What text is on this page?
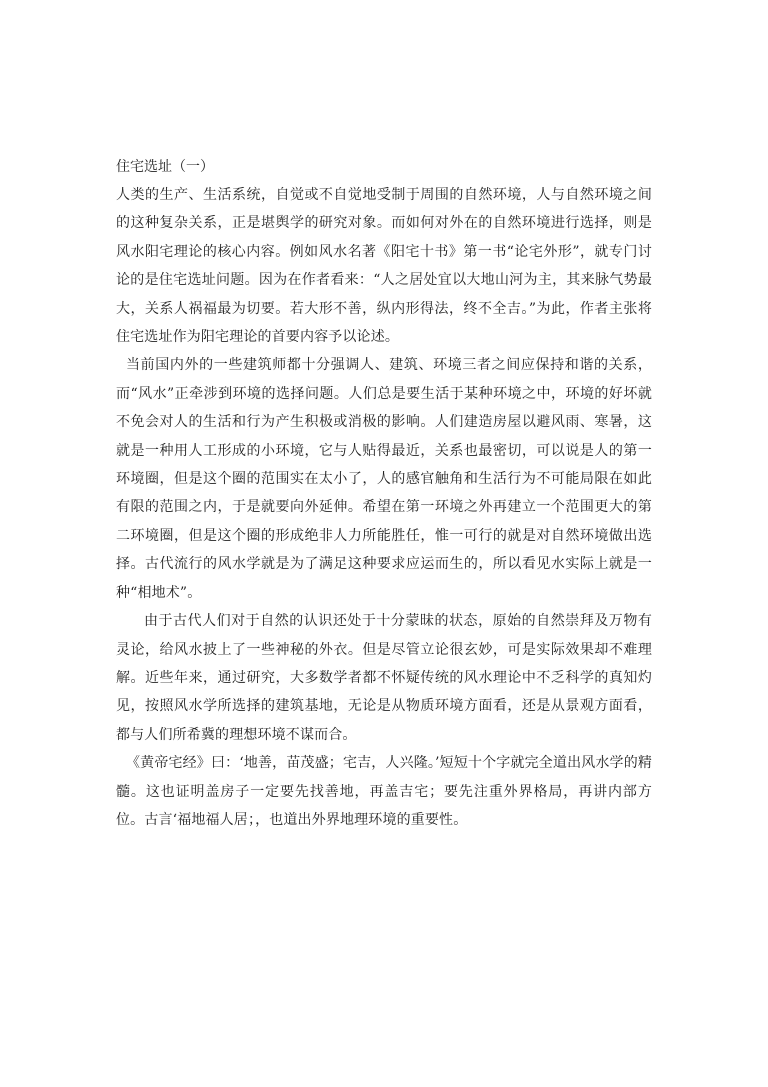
住宅选址（一）

人类的生产、生活系统，自觉或不自觉地受制于周围的自然环境，人与自然环境之间的这种复杂关系，正是堪舆学的研究对象。而如何对外在的自然环境进行选择，则是风水阳宅理论的核心内容。例如风水名著《阳宅十书》第一书“论宅外形”，就专门讨论的是住宅选址问题。因为在作者看来：“人之居处宜以大地山河为主，其来脉气势最大，关系人祸福最为切要。若大形不善，纵内形得法，终不全吉。”为此，作者主张将住宅选址作为阳宅理论的首要内容予以论述。

当前国内外的一些建筑师都十分强调人、建筑、环境三者之间应保持和谐的关系，而“风水”正牵涉到环境的选择问题。人们总是要生活于某种环境之中，环境的好坏就不免会对人的生活和行为产生积极或消极的影响。人们建造房屋以避风雨、寒暑，这就是一种用人工形成的小环境，它与人贴得最近，关系也最密切，可以说是人的第一环境圈，但是这个圈的范围实在太小了，人的感官触角和生活行为不可能局限在如此有限的范围之内，于是就要向外延伸。希望在第一环境之外再建立一个范围更大的第二环境圈，但是这个圈的形成绝非人力所能胜任，惟一可行的就是对自然环境做出选择。古代流行的风水学就是为了满足这种要求应运而生的，所以看见水实际上就是一种“相地术”。

由于古代人们对于自然的认识还处于十分蒙昧的状态，原始的自然崇拜及万物有灵论，给风水披上了一些神秘的外衣。但是尽管立论很玄妙，可是实际效果却不难理解。近些年来，通过研究，大多数学者都不怀疑传统的风水理论中不乏科学的真知灼见，按照风水学所选择的建筑基地，无论是从物质环境方面看，还是从景观方面看，都与人们所希冀的理想环境不谋而合。

《黄帝宅经》曰：‘地善，苗茂盛；宅吉，人兴隆。’短短十个字就完全道出风水学的精髓。这也证明盖房子一定要先找善地，再盖吉宅；要先注重外界格局，再讲内部方位。古言‘福地福人居；，也道出外界地理环境的重要性。
